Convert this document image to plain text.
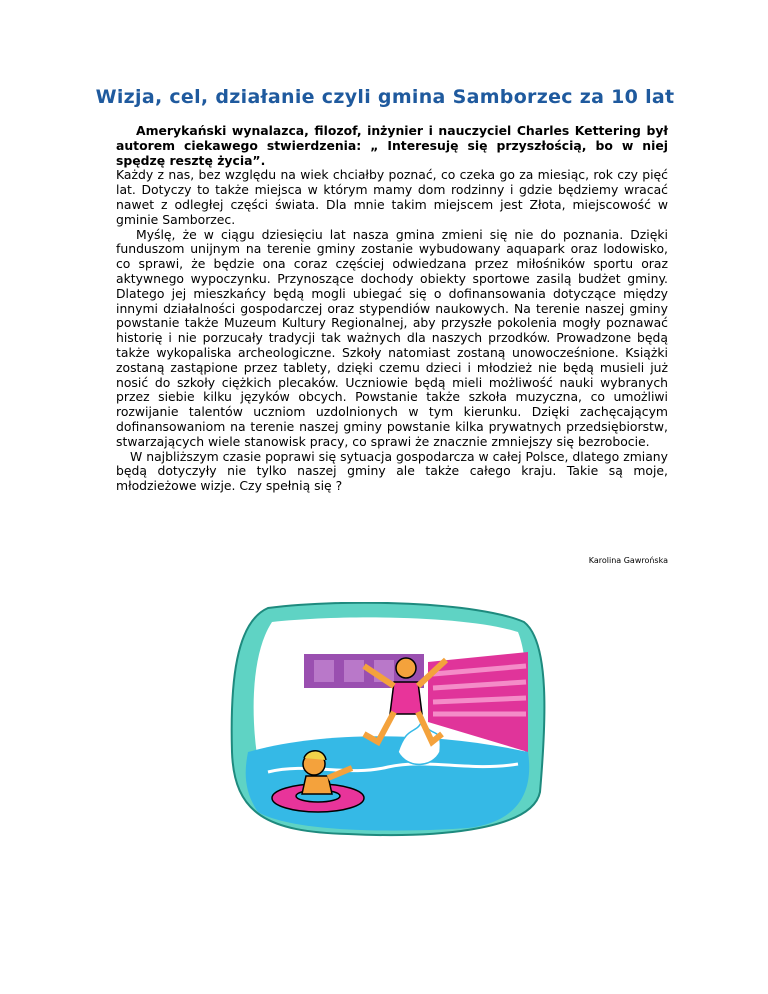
Wizja, cel, działanie czyli gmina Samborzec za 10 lat

Amerykański wynalazca, filozof, inżynier i nauczyciel Charles Kettering był autorem ciekawego stwierdzenia: „ Interesuję się przyszłością, bo w niej spędzę resztę życia”.

Każdy z nas, bez względu na wiek chciałby poznać, co czeka go za miesiąc, rok czy pięć lat. Dotyczy to także miejsca w którym mamy dom rodzinny i gdzie będziemy wracać nawet z odległej części świata. Dla mnie takim miejscem jest Złota, miejscowość w gminie Samborzec.

Myślę, że w ciągu dziesięciu lat nasza gmina zmieni się nie do poznania. Dzięki funduszom unijnym na terenie gminy zostanie wybudowany aquapark oraz lodowisko, co sprawi, że będzie ona coraz częściej odwiedzana przez miłośników sportu oraz aktywnego wypoczynku. Przynoszące dochody obiekty sportowe zasilą budżet gminy. Dlatego jej mieszkańcy będą mogli ubiegać się o dofinansowania dotyczące między innymi działalności gospodarczej oraz stypendiów naukowych. Na terenie naszej gminy powstanie także Muzeum Kultury Regionalnej, aby przyszłe pokolenia mogły poznawać historię i nie porzucały tradycji tak ważnych dla naszych przodków. Prowadzone będą także wykopaliska archeologiczne. Szkoły natomiast zostaną unowocześnione. Książki zostaną zastąpione przez tablety, dzięki czemu dzieci i młodzież nie będą musieli już nosić do szkoły ciężkich plecaków. Uczniowie będą mieli możliwość nauki wybranych przez siebie kilku języków obcych. Powstanie także szkoła muzyczna, co umożliwi rozwijanie talentów uczniom uzdolnionych w tym kierunku. Dzięki zachęcającym dofinansowaniom na terenie naszej gminy powstanie kilka prywatnych przedsiębiorstw, stwarzających wiele stanowisk pracy, co sprawi że znacznie zmniejszy się bezrobocie.

W najbliższym czasie poprawi się sytuacja gospodarcza w całej Polsce, dlatego zmiany będą dotyczyły nie tylko naszej gminy ale także całego kraju. Takie są moje, młodzieżowe wizje. Czy spełnią się ?

Karolina Gawrońska
